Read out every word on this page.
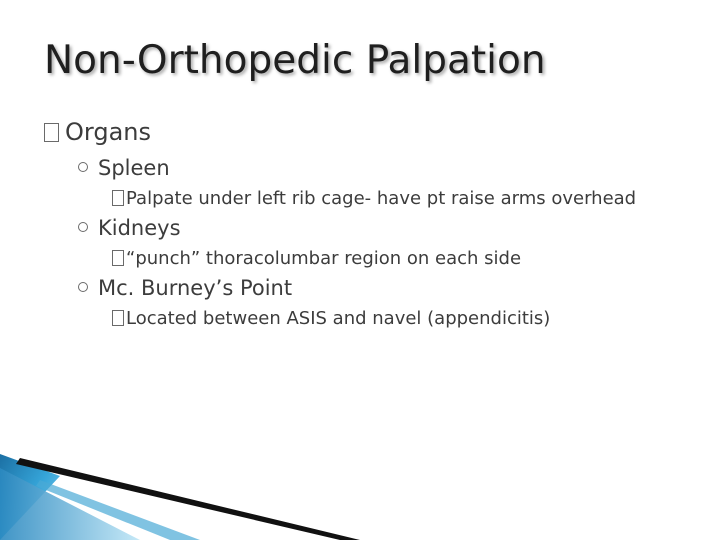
Non-Orthopedic Palpation
Organs
Spleen
Palpate under left rib cage- have pt raise arms overhead
Kidneys
“punch” thoracolumbar region on each side
Mc. Burney’s Point
Located between ASIS and navel (appendicitis)
